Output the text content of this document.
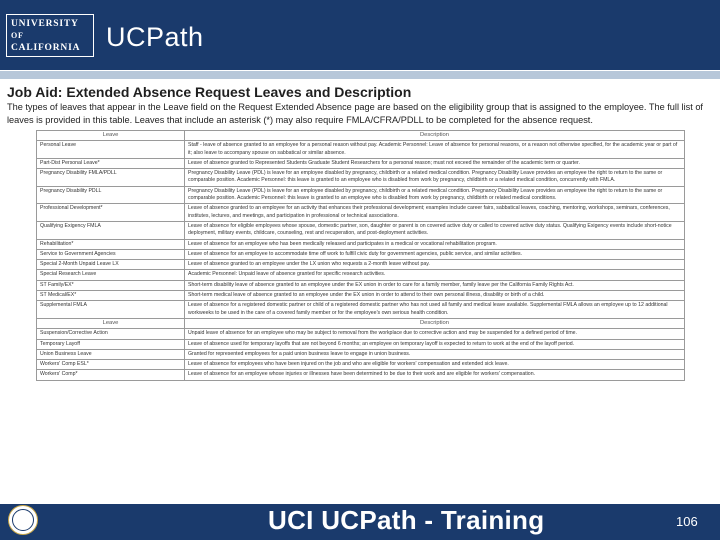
UNIVERSITY
OF
CALIFORNIA UCPath
Job Aid: Extended Absence Request Leaves and Description
The types of leaves that appear in the Leave field on the Request Extended Absence page are based on the eligibility group that is assigned to the employee. The full list of leaves is provided in this table. Leaves that include an asterisk (*) may also require FMLA/CFRA/PDLL to be completed for the absence request.
Leave	Description
Personal Leave	Staff - leave of absence granted to an employee for a personal reason without pay. Academic Personnel: Leave of absence for personal reasons, or a reason not otherwise specified, for the academic year or part of it; also leave to accompany spouse on sabbatical or similar absence.
Part-Dist Personal Leave*	Leave of absence granted to Represented Students Graduate Student Researchers for a personal reason; must not exceed the remainder of the academic term or quarter.
Pregnancy Disability FMLA/PDLL	Pregnancy Disability Leave (PDL) is leave for an employee disabled by pregnancy, childbirth or a related medical condition. Pregnancy Disability Leave provides an employee the right to return to the same or comparable position. Academic Personnel: this leave is granted to an employee who is disabled from work by pregnancy, childbirth or a related medical condition, concurrently with FMLA.
Pregnancy Disability PDLL	Pregnancy Disability Leave (PDL) is leave for an employee disabled by pregnancy, childbirth or a related medical condition. Pregnancy Disability Leave provides an employee the right to return to the same or comparable position. Academic Personnel: this leave is granted to an employee who is disabled from work by pregnancy, childbirth or related medical conditions.
Professional Development*	Leave of absence granted to an employee for an activity that enhances their professional development; examples include career fairs, sabbatical leaves, coaching, mentoring, workshops, seminars, conferences, institutes, lectures, and meetings, and participation in professional or technical associations.
Qualifying Exigency FMLA	Leave of absence for eligible employees whose spouse, domestic partner, son, daughter or parent is on covered active duty or called to covered active duty status. Qualifying Exigency events include short-notice deployment, military events, childcare, counseling, rest and recuperation, and post-deployment activities.
Rehabilitation*	Leave of absence for an employee who has been medically released and participates in a medical or vocational rehabilitation program.
Service to Government Agencies	Leave of absence for an employee to accommodate time off work to fulfill civic duty for government agencies, public service, and similar activities.
Special 2-Month Unpaid Leave LX	Leave of absence granted to an employee under the LX union who requests a 2-month leave without pay.
Special Research Leave	Academic Personnel: Unpaid leave of absence granted for specific research activities.
ST Family/EX*	Short-term disability leave of absence granted to an employee under the EX union in order to care for a family member, family leave per the California Family Rights Act.
ST Medical/EX*	Short-term medical leave of absence granted to an employee under the EX union in order to attend to their own personal illness, disability or birth of a child.
Supplemental FMLA	Leave of absence for a registered domestic partner or child of a registered domestic partner who has not used all family and medical leave available. Supplemental FMLA allows an employee up to 12 additional workweeks to be used in the care of a covered family member or for the employee's own serious health condition.
Leave	Description
Suspension/Corrective Action	Unpaid leave of absence for an employee who may be subject to removal from the workplace due to corrective action and may be suspended for a defined period of time.
Temporary Layoff	Leave of absence used for temporary layoffs that are not beyond 6 months; an employee on temporary layoff is expected to return to work at the end of the layoff period.
Union Business Leave	Granted for represented employees for a paid union business leave to engage in union business.
Workers' Comp ESL*	Leave of absence for employees who have been injured on the job and who are eligible for workers' compensation and extended sick leave.
Workers' Comp*	Leave of absence for an employee whose injuries or illnesses have been determined to be due to their work and are eligible for workers' compensation.
UCI UCPath - Training	106
